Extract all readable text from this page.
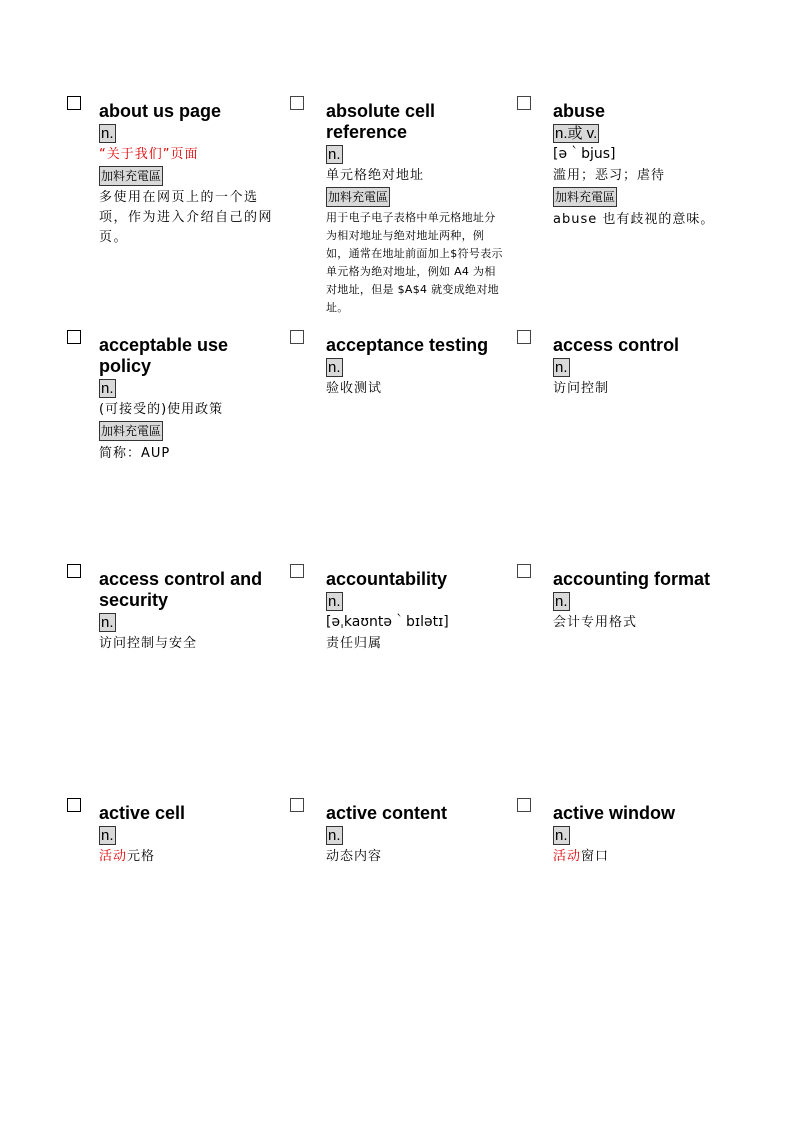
about us page
n.
“关于我们”页面
加料充電區
多使用在网页上的一个选项，作为进入介绍自己的网页。
absolute cell reference
n.
单元格绝对地址
加料充電區
用于电子电子表格中单元格地址分为相对地址与绝对地址两种，例如，通常在地址前面加上$符号表示单元格为绝对地址，例如 A4 为相对地址，但是 $A$4 就变成绝对地址。
abuse
n.或 v.
[ə｀bjus]
滥用；恶习；虐待
加料充電區
abuse 也有歧视的意味。
acceptable use policy
n.
(可接受的)使用政策
加料充電區
简称：AUP
acceptance testing
n.
验收测试
access control
n.
访问控制
access control and security
n.
访问控制与安全
accountability
n.
[əˌkaʊntə｀bɪlətɪ]
责任归属
accounting format
n.
会计专用格式
active cell
n.
活动元格
active content
n.
动态内容
active window
n.
活动窗口
